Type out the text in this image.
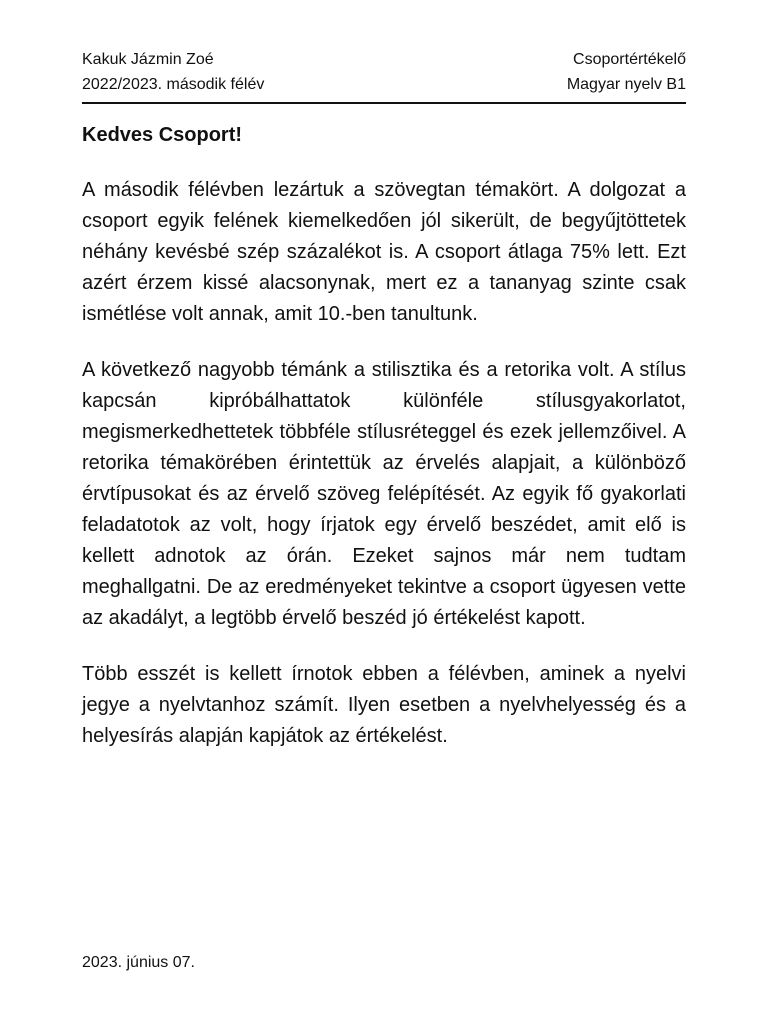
Kakuk Jázmin Zoé
2022/2023. második félév
Csoportértékelő
Magyar nyelv B1

Kedves Csoport!

A második félévben lezártuk a szövegtan témakört. A dolgozat a csoport egyik felének kiemelkedően jól sikerült, de begyűjtöttetek néhány kevésbé szép százalékot is. A csoport átlaga 75% lett. Ezt azért érzem kissé alacsonynak, mert ez a tananyag szinte csak ismétlése volt annak, amit 10.-ben tanultunk.

A következő nagyobb témánk a stilisztika és a retorika volt. A stílus kapcsán kipróbálhattatok különféle stílusgyakorlatot, megismerkedhettetek többféle stílusréteggel és ezek jellemzőivel. A retorika témakörében érintettük az érvelés alapjait, a különböző érvtípusokat és az érvelő szöveg felépítését. Az egyik fő gyakorlati feladatotok az volt, hogy írjatok egy érvelő beszédet, amit elő is kellett adnotok az órán. Ezeket sajnos már nem tudtam meghallgatni. De az eredményeket tekintve a csoport ügyesen vette az akadályt, a legtöbb érvelő beszéd jó értékelést kapott.

Több esszét is kellett írnotok ebben a félévben, aminek a nyelvi jegye a nyelvtanhoz számít. Ilyen esetben a nyelvhelyesség és a helyesírás alapján kapjátok az értékelést.

2023. június 07.
